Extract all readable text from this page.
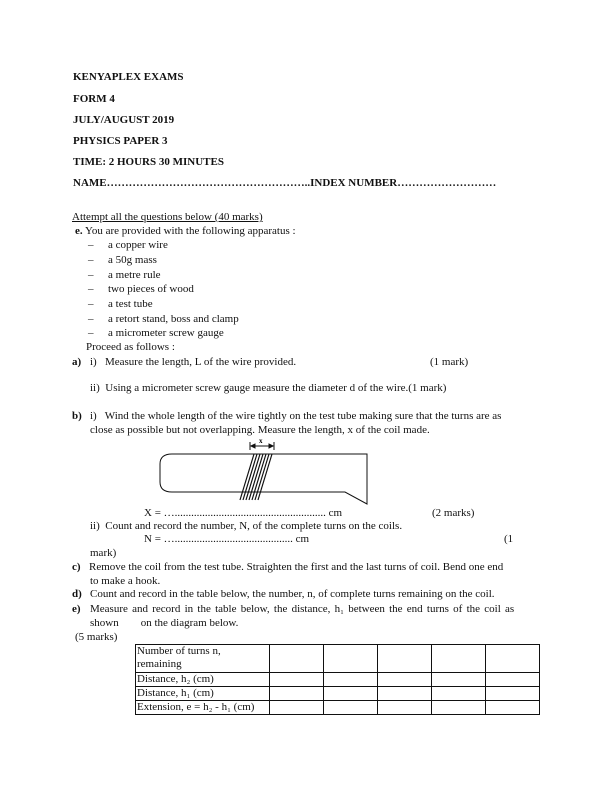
KENYAPLEX EXAMS
FORM 4
JULY/AUGUST 2019
PHYSICS PAPER 3
TIME: 2 HOURS 30 MINUTES
NAME………………………………………………..INDEX NUMBER………………………
Attempt all the questions below (40 marks)
e. You are provided with the following apparatus :
– a copper wire
– a 50g mass
– a metre rule
– two pieces of wood
– a test tube
– a retort stand, boss and clamp
– a micrometer screw gauge
Proceed as follows :
a) i)   Measure the length, L of the wire provided.	(1 mark)
ii)  Using a micrometer screw gauge measure the diameter d of the wire.(1 mark)
b) i)   Wind the whole length of the wire tightly on the test tube making sure that the turns are as
close as possible but not overlapping. Measure the length, x of the coil made.
x
X = …....................................................... cm	(2 marks)
ii)  Count and record the number, N, of the complete turns on the coils.
N = …........................................... cm	(1
mark)
c) Remove the coil from the test tube. Straighten the first and the last turns of coil. Bend one end
to make a hook.
d) Count and record in the table below, the number, n, of complete turns remaining on the coil.
e) Measure and record in the table below, the distance, h₁ between the end turns of the coil as
shown        on the diagram below.
(5 marks)
Number of turns n, remaining					
Distance, h₂ (cm)					
Distance, h₁ (cm)					
Extension, e = h₂ - h₁ (cm)					
